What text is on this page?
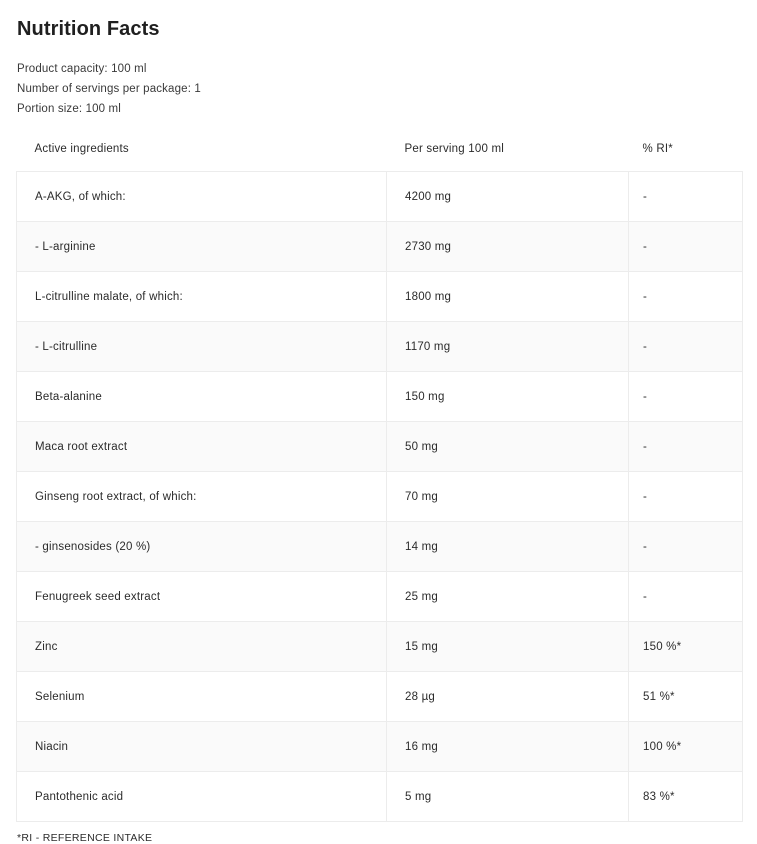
Nutrition Facts
Product capacity: 100 ml
Number of servings per package: 1
Portion size: 100 ml
Active ingredients	Per serving 100 ml	% RI*
A-AKG, of which:	4200 mg	-
- L-arginine	2730 mg	-
L-citrulline malate, of which:	1800 mg	-
- L-citrulline	1170 mg	-
Beta-alanine	150 mg	-
Maca root extract	50 mg	-
Ginseng root extract, of which:	70 mg	-
- ginsenosides (20 %)	14 mg	-
Fenugreek seed extract	25 mg	-
Zinc	15 mg	150 %*
Selenium	28 µg	51 %*
Niacin	16 mg	100 %*
Pantothenic acid	5 mg	83 %*
*RI - REFERENCE INTAKE
